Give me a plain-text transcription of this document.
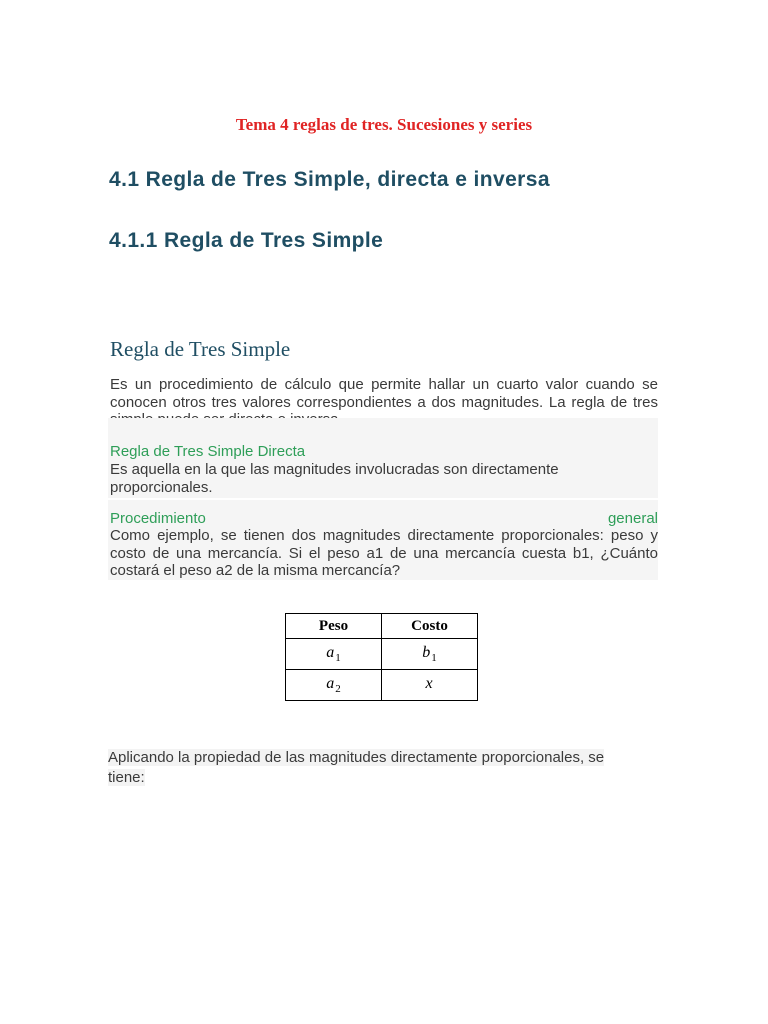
Tema 4 reglas de tres. Sucesiones y series
4.1 Regla de Tres Simple, directa e inversa
4.1.1 Regla de Tres Simple
Regla de Tres Simple
Es un procedimiento de cálculo que permite hallar un cuarto valor cuando se conocen otros tres valores correspondientes a dos magnitudes. La regla de tres
Regla de Tres Simple Directa
Es aquella en la que las magnitudes involucradas son directamente proporcionales.
Procedimiento	general
Como ejemplo, se tienen dos magnitudes directamente proporcionales: peso y costo de una mercancía. Si el peso a1 de una mercancía cuesta b1, ¿Cuánto costará el peso a2 de la misma mercancía?
Peso	Costo
$a_1$	$b_1$
$a_2$	x
Aplicando la propiedad de las magnitudes directamente proporcionales, se
tiene:
